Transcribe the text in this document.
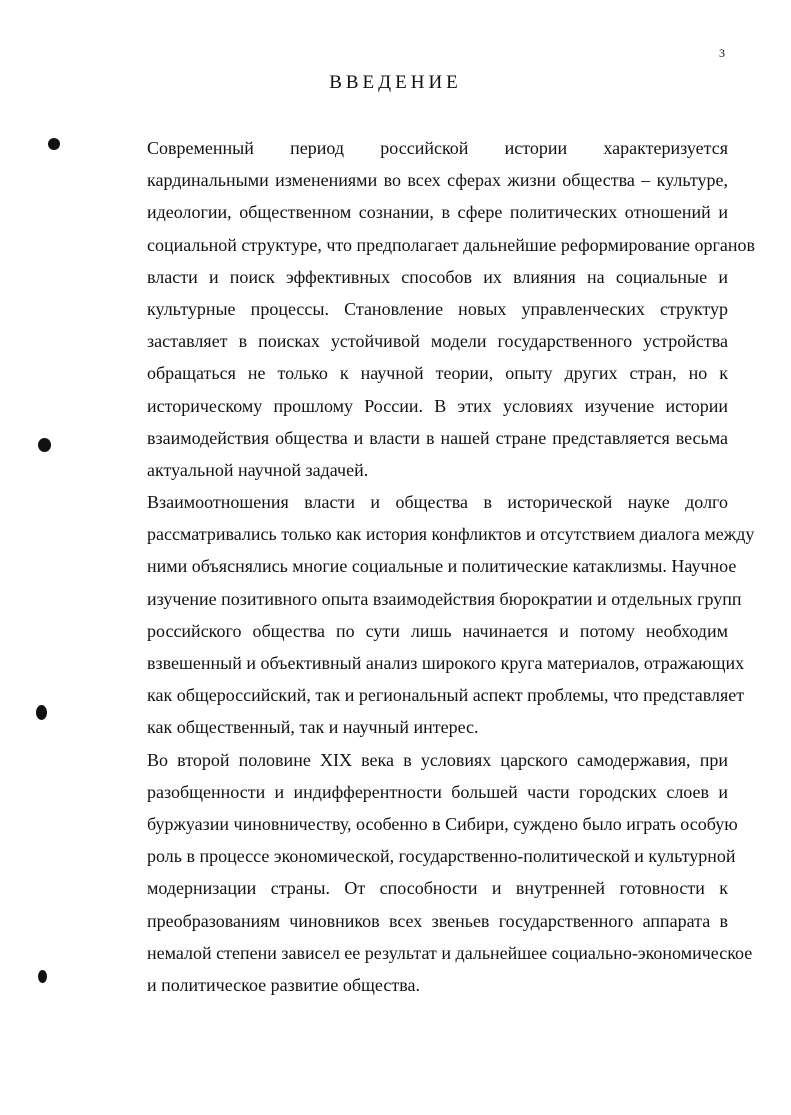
3
ВВЕДЕНИЕ
Современный период российской истории характеризуется
кардинальными изменениями во всех сферах жизни общества – культуре,
идеологии, общественном сознании, в сфере политических отношений и
социальной структуре, что предполагает дальнейшие реформирование органов
власти и поиск эффективных способов их влияния на социальные и
культурные процессы. Становление новых управленческих структур
заставляет в поисках устойчивой модели государственного устройства
обращаться не только к научной теории, опыту других стран, но к
историческому прошлому России. В этих условиях изучение истории
взаимодействия общества и власти в нашей стране представляется весьма
актуальной научной задачей.
Взаимоотношения власти и общества в исторической науке долго
рассматривались только как история конфликтов и отсутствием диалога между
ними объяснялись многие социальные и политические катаклизмы. Научное
изучение позитивного опыта взаимодействия бюрократии и отдельных групп
российского общества по сути лишь начинается и потому необходим
взвешенный и объективный анализ широкого круга материалов, отражающих
как общероссийский, так и региональный аспект проблемы, что представляет
как общественный, так и научный интерес.
Во второй половине XIX века в условиях царского самодержавия, при
разобщенности и индифферентности большей части городских слоев и
буржуазии чиновничеству, особенно в Сибири, суждено было играть особую
роль в процессе экономической, государственно-политической и культурной
модернизации страны. От способности и внутренней готовности к
преобразованиям чиновников всех звеньев государственного аппарата в
немалой степени зависел ее результат и дальнейшее социально-экономическое
и политическое развитие общества.
